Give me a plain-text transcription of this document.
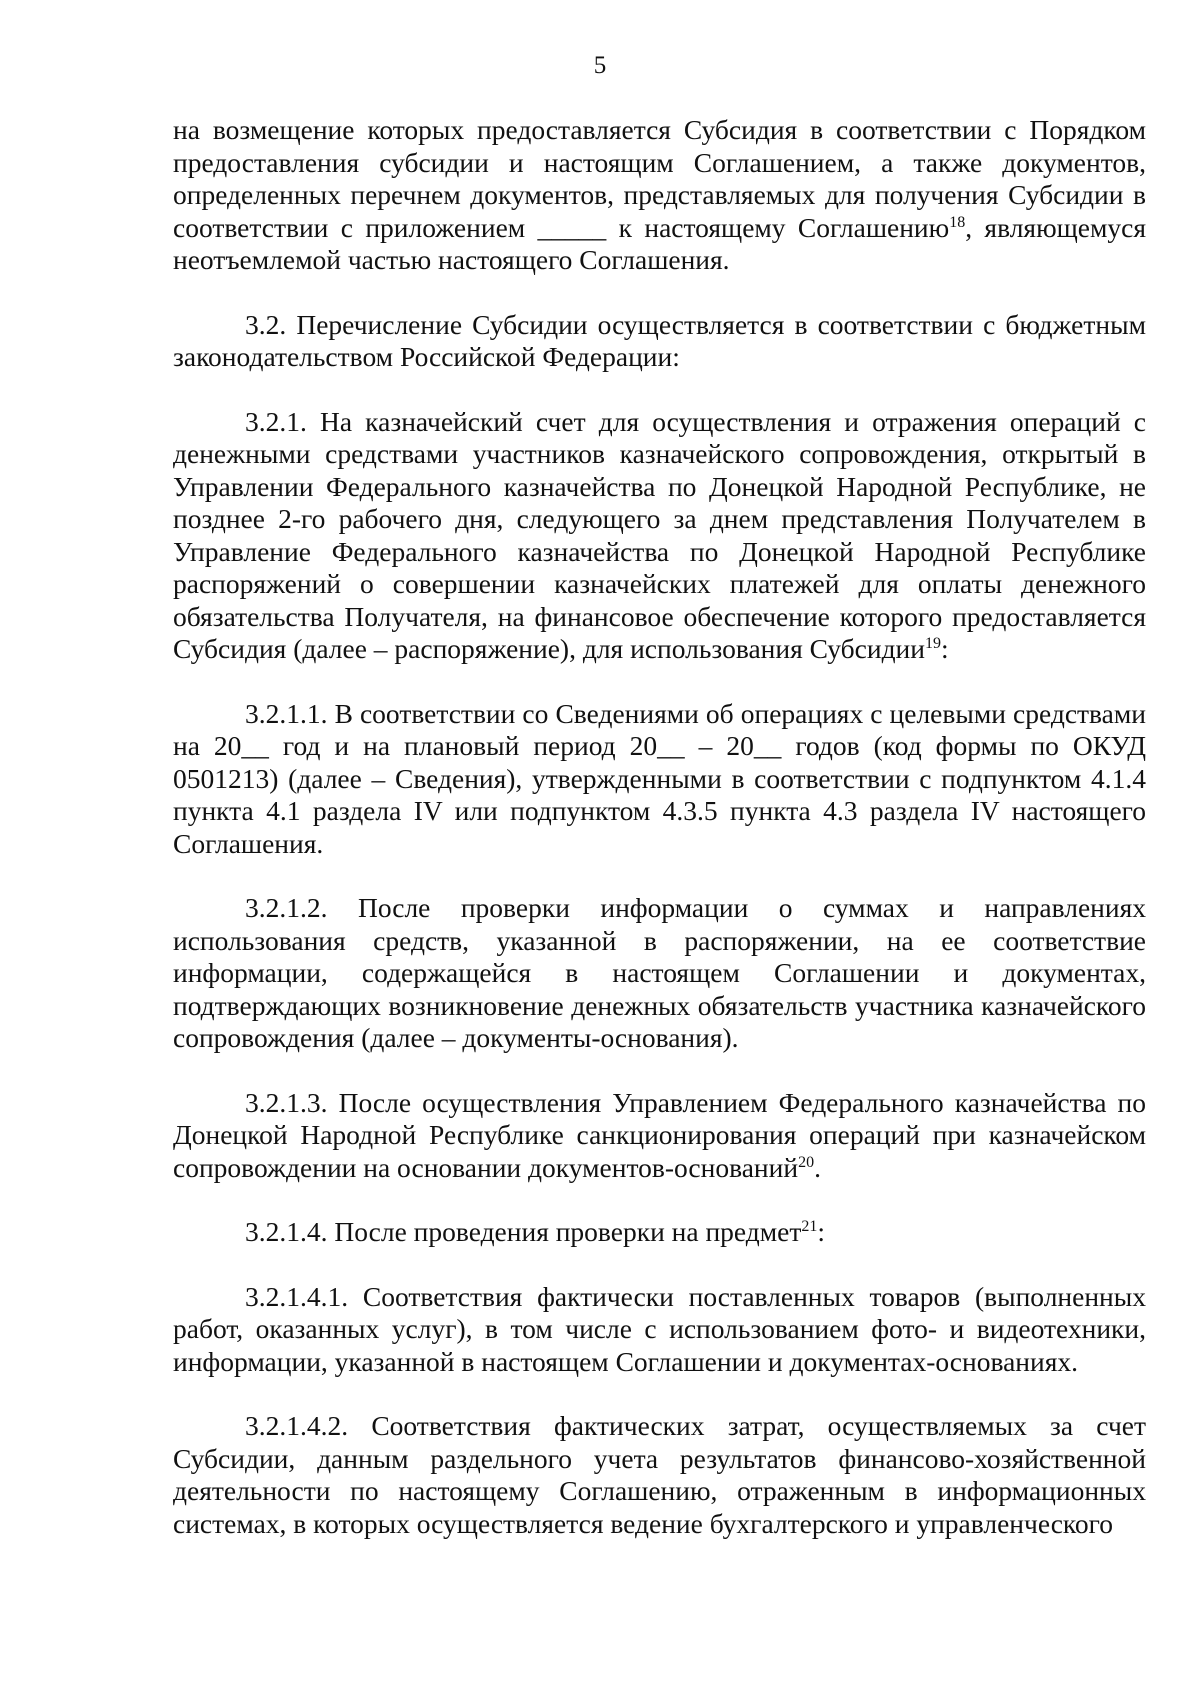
5

на возмещение которых предоставляется Субсидия в соответствии с Порядком предоставления субсидии и настоящим Соглашением, а также документов, определенных перечнем документов, представляемых для получения Субсидии в соответствии с приложением _____ к настоящему Соглашению$^{18}$, являющемуся неотъемлемой частью настоящего Соглашения.

3.2. Перечисление Субсидии осуществляется в соответствии с бюджетным законодательством Российской Федерации:

3.2.1. На казначейский счет для осуществления и отражения операций с денежными средствами участников казначейского сопровождения, открытый в Управлении Федерального казначейства по Донецкой Народной Республике, не позднее 2-го рабочего дня, следующего за днем представления Получателем в Управление Федерального казначейства по Донецкой Народной Республике распоряжений о совершении казначейских платежей для оплаты денежного обязательства Получателя, на финансовое обеспечение которого предоставляется Субсидия (далее – распоряжение), для использования Субсидии$^{19}$:

3.2.1.1. В соответствии со Сведениями об операциях с целевыми средствами на 20__ год и на плановый период 20__ – 20__ годов (код формы по ОКУД 0501213) (далее – Сведения), утвержденными в соответствии с подпунктом 4.1.4 пункта 4.1 раздела IV или подпунктом 4.3.5 пункта 4.3 раздела IV настоящего Соглашения.

3.2.1.2. После проверки информации о суммах и направлениях использования средств, указанной в распоряжении, на ее соответствие информации, содержащейся в настоящем Соглашении и документах, подтверждающих возникновение денежных обязательств участника казначейского сопровождения (далее – документы-основания).

3.2.1.3. После осуществления Управлением Федерального казначейства по Донецкой Народной Республике санкционирования операций при казначейском сопровождении на основании документов-оснований$^{20}$.

3.2.1.4. После проведения проверки на предмет$^{21}$:

3.2.1.4.1. Соответствия фактически поставленных товаров (выполненных работ, оказанных услуг), в том числе с использованием фото- и видеотехники, информации, указанной в настоящем Соглашении и документах-основаниях.

3.2.1.4.2. Соответствия фактических затрат, осуществляемых за счет Субсидии, данным раздельного учета результатов финансово-хозяйственной деятельности по настоящему Соглашению, отраженным в информационных системах, в которых осуществляется ведение бухгалтерского и управленческого
